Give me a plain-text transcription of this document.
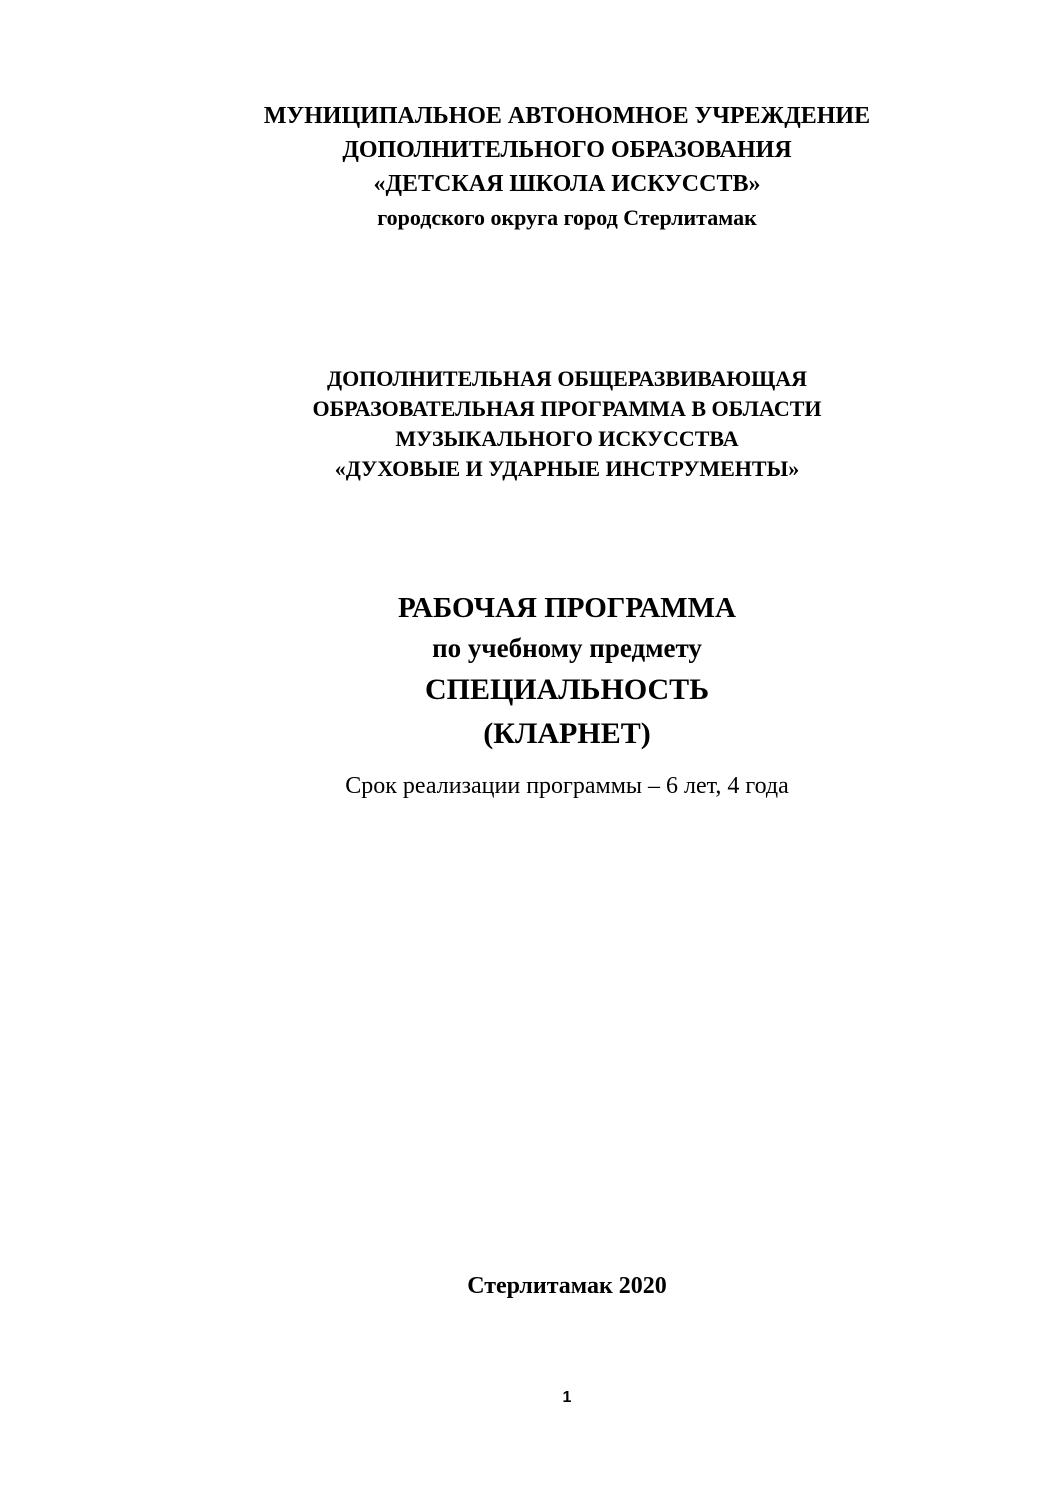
МУНИЦИПАЛЬНОЕ АВТОНОМНОЕ УЧРЕЖДЕНИЕ
ДОПОЛНИТЕЛЬНОГО ОБРАЗОВАНИЯ
«ДЕТСКАЯ ШКОЛА ИСКУССТВ»
городского округа город Стерлитамак
ДОПОЛНИТЕЛЬНАЯ ОБЩЕРАЗВИВАЮЩАЯ
ОБРАЗОВАТЕЛЬНАЯ ПРОГРАММА В ОБЛАСТИ
МУЗЫКАЛЬНОГО ИСКУССТВА
«ДУХОВЫЕ И УДАРНЫЕ ИНСТРУМЕНТЫ»
РАБОЧАЯ ПРОГРАММА
по учебному предмету
СПЕЦИАЛЬНОСТЬ
(КЛАРНЕТ)
Срок реализации программы – 6 лет, 4 года
Стерлитамак 2020
1
